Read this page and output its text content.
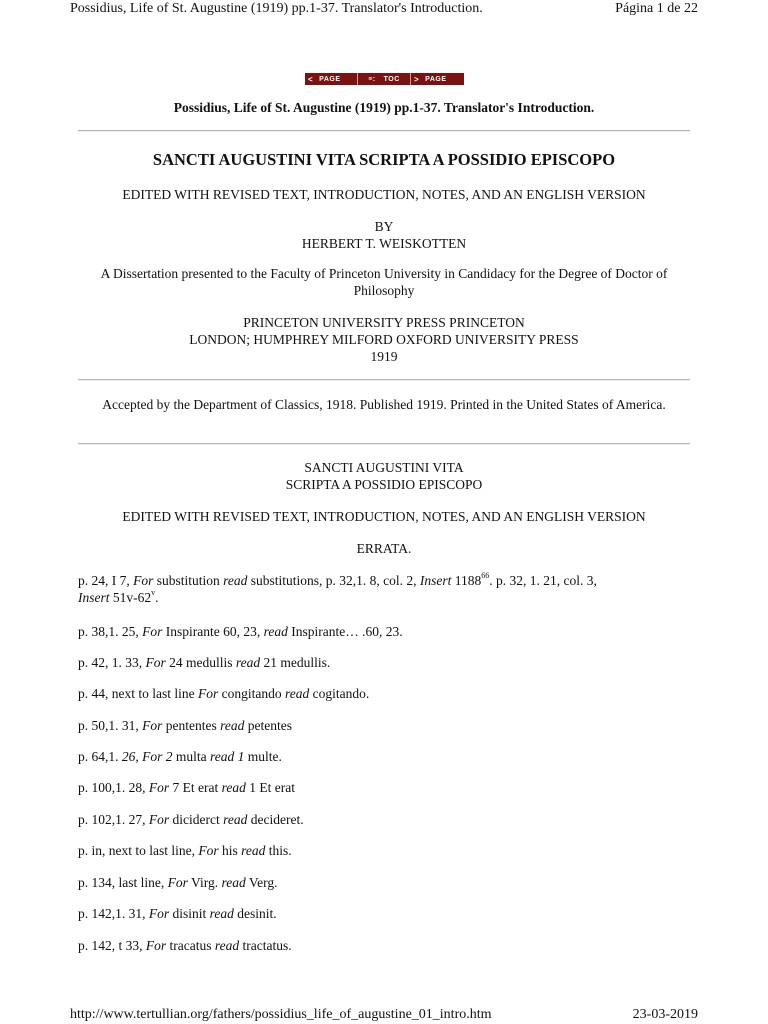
Possidius, Life of St. Augustine (1919) pp.1-37. Translator's Introduction.	Página 1 de 22
< PAGE	≡: TOC > PAGE
Possidius, Life of St. Augustine (1919) pp.1-37. Translator's Introduction.
SANCTI AUGUSTINI VITA SCRIPTA A POSSIDIO EPISCOPO
EDITED WITH REVISED TEXT, INTRODUCTION, NOTES, AND AN ENGLISH VERSION
BY
HERBERT T. WEISKOTTEN
A Dissertation presented to the Faculty of Princeton University in Candidacy for the Degree of Doctor of Philosophy
PRINCETON UNIVERSITY PRESS PRINCETON
LONDON; HUMPHREY MILFORD OXFORD UNIVERSITY PRESS
1919
Accepted by the Department of Classics, 1918. Published 1919. Printed in the United States of America.
SANCTI AUGUSTINI VITA
SCRIPTA A POSSIDIO EPISCOPO
EDITED WITH REVISED TEXT, INTRODUCTION, NOTES, AND AN ENGLISH VERSION
ERRATA.
p. 24, I 7, For substitution read substitutions, p. 32,1. 8, col. 2, Insert 1188$^{66}$. p. 32, 1. 21, col. 3,
Insert 51v-62$^v$.
p. 38,1. 25, For Inspirante 60, 23, read Inspirante… .60, 23.
p. 42, 1. 33, For 24 medullis read 21 medullis.
p. 44, next to last line For congitando read cogitando.
p. 50,1. 31, For pententes read petentes
p. 64,1. 26, For 2 multa read 1 multe.
p. 100,1. 28, For 7 Et erat read 1 Et erat
p. 102,1. 27, For diciderct read decideret.
p. in, next to last line, For his read this.
p. 134, last line, For Virg. read Verg.
p. 142,1. 31, For disinit read desinit.
p. 142, t 33, For tracatus read tractatus.
http://www.tertullian.org/fathers/possidius_life_of_augustine_01_intro.htm	23-03-2019
